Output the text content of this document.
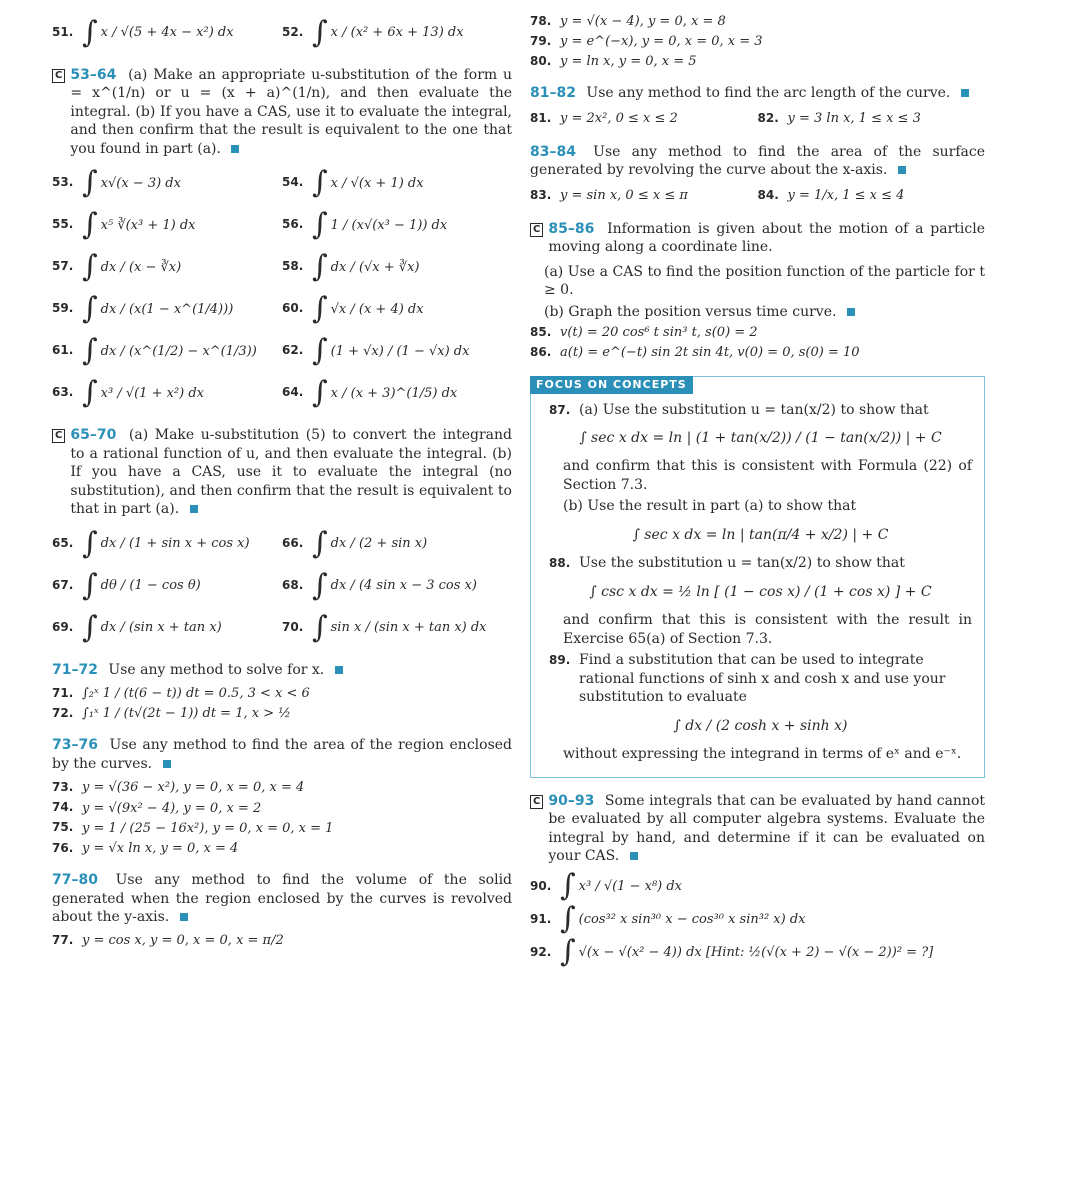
51. ∫ x / √(5 + 4x − x²) dx	52. ∫ x / (x² + 6x + 13) dx
C 53–64 (a) Make an appropriate u-substitution of the form u = x^(1/n) or u = (x + a)^(1/n), and then evaluate the integral. (b) If you have a CAS, use it to evaluate the integral, and then confirm that the result is equivalent to the one that you found in part (a).
53. ∫ x√(x − 3) dx	54. ∫ x / √(x + 1) dx
55. ∫ x⁵ ∛(x³ + 1) dx	56. ∫ 1 / (x√(x³ − 1)) dx
57. ∫ dx / (x − ∛x)	58. ∫ dx / (√x + ∛x)
59. ∫ dx / (x(1 − x^(1/4)))	60. ∫ √x / (x + 4) dx
61. ∫ dx / (x^(1/2) − x^(1/3)) 62. ∫ (1 + √x) / (1 − √x) dx
63. ∫ x³ / √(1 + x²) dx	64. ∫ x / (x + 3)^(1/5) dx
C 65–70 (a) Make u-substitution (5) to convert the integrand to a rational function of u, and then evaluate the integral. (b) If you have a CAS, use it to evaluate the integral (no substitution), and then confirm that the result is equivalent to that in part (a).
65. ∫ dx / (1 + sin x + cos x)	66. ∫ dx / (2 + sin x)
67. ∫ dθ / (1 − cos θ)	68. ∫ dx / (4 sin x − 3 cos x)
69. ∫ dx / (sin x + tan x)	70. ∫ sin x / (sin x + tan x) dx
71–72 Use any method to solve for x.
71. ∫₂ˣ 1 / (t(6 − t)) dt = 0.5, 3 < x < 6
72. ∫₁ˣ 1 / (t√(2t − 1)) dt = 1, x > ½
73–76 Use any method to find the area of the region enclosed by the curves.
73. y = √(36 − x²), y = 0, x = 0, x = 4
74. y = √(9x² − 4), y = 0, x = 2
75. y = 1 / (25 − 16x²), y = 0, x = 0, x = 1
76. y = √x ln x, y = 0, x = 4
77–80 Use any method to find the volume of the solid generated when the region enclosed by the curves is revolved about the y-axis.
77. y = cos x, y = 0, x = 0, x = π/2
78. y = √(x − 4), y = 0, x = 8
79. y = e^(−x), y = 0, x = 0, x = 3
80. y = ln x, y = 0, x = 5
81–82 Use any method to find the arc length of the curve.
81. y = 2x², 0 ≤ x ≤ 2	82. y = 3 ln x, 1 ≤ x ≤ 3
83–84 Use any method to find the area of the surface generated by revolving the curve about the x-axis.
83. y = sin x, 0 ≤ x ≤ π	84. y = 1/x, 1 ≤ x ≤ 4
C 85–86 Information is given about the motion of a particle moving along a coordinate line.
(a) Use a CAS to find the position function of the particle for t ≥ 0.
(b) Graph the position versus time curve.
85. v(t) = 20 cos⁶ t sin³ t, s(0) = 2
86. a(t) = e^(−t) sin 2t sin 4t, v(0) = 0, s(0) = 10
FOCUS ON CONCEPTS
87. (a) Use the substitution u = tan(x/2) to show that
∫ sec x dx = ln | (1 + tan(x/2)) / (1 − tan(x/2)) | + C
and confirm that this is consistent with Formula (22) of Section 7.3.
(b) Use the result in part (a) to show that
∫ sec x dx = ln | tan(π/4 + x/2) | + C
88. Use the substitution u = tan(x/2) to show that
∫ csc x dx = ½ ln [ (1 − cos x) / (1 + cos x) ] + C
and confirm that this is consistent with the result in Exercise 65(a) of Section 7.3.
89. Find a substitution that can be used to integrate rational functions of sinh x and cosh x and use your substitution to evaluate
∫ dx / (2 cosh x + sinh x)
without expressing the integrand in terms of eˣ and e⁻ˣ.
C 90–93 Some integrals that can be evaluated by hand cannot be evaluated by all computer algebra systems. Evaluate the integral by hand, and determine if it can be evaluated on your CAS.
90. ∫ x³ / √(1 − x⁸) dx
91. ∫ (cos³² x sin³⁰ x − cos³⁰ x sin³² x) dx
92. ∫ √(x − √(x² − 4)) dx [Hint: ½(√(x + 2) − √(x − 2))² = ?]
